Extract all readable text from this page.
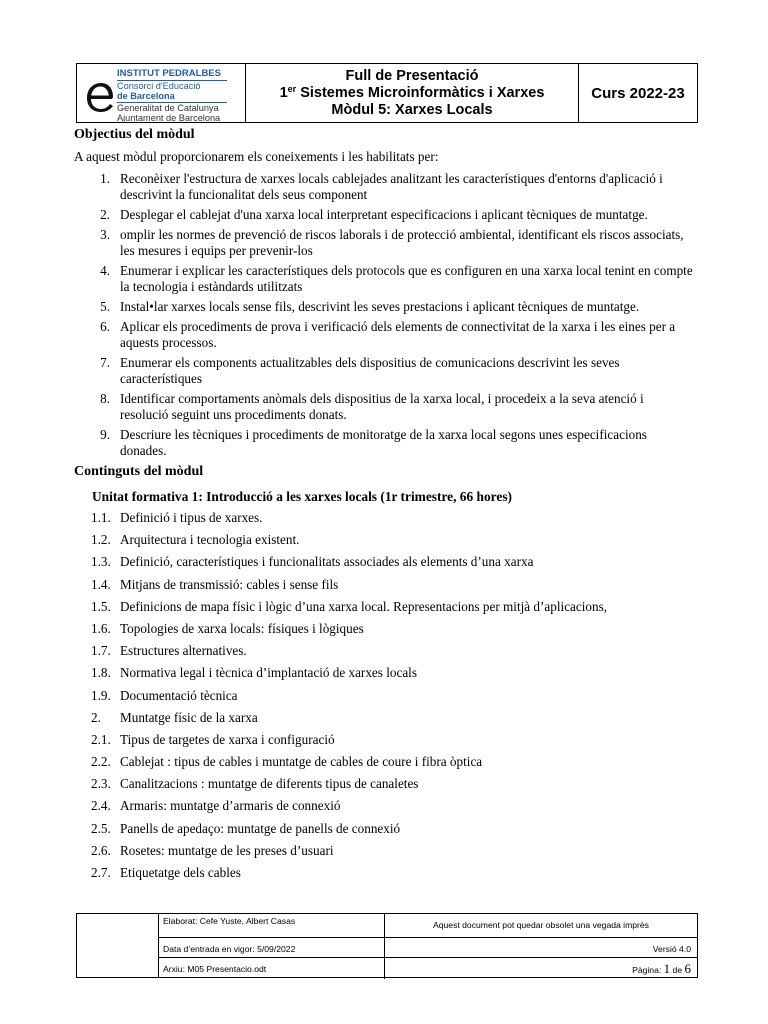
INSTITUT PEDRALBES
Consorci d'Educació
de Barcelona
Generalitat de Catalunya
Ajuntament de Barcelona
Full de Presentació
1er Sistemes Microinformàtics i Xarxes
Mòdul 5: Xarxes Locals
Curs 2022-23
Objectius del mòdul
A aquest mòdul proporcionarem els coneixements i les habilitats per:
1. Reconèixer l'estructura de xarxes locals cablejades analitzant les característiques d'entorns d'aplicació i descrivint la funcionalitat dels seus component
2. Desplegar el cablejat d'una xarxa local interpretant especificacions i aplicant tècniques de muntatge.
3. omplir les normes de prevenció de riscos laborals i de protecció ambiental, identificant els riscos associats, les mesures i equips per prevenir-los
4. Enumerar i explicar les característiques dels protocols que es configuren en una xarxa local tenint en compte la tecnologia i estàndards utilitzats
5. Instal•lar xarxes locals sense fils, descrivint les seves prestacions i aplicant tècniques de muntatge.
6. Aplicar els procediments de prova i verificació dels elements de connectivitat de la xarxa i les eines per a aquests processos.
7. Enumerar els components actualitzables dels dispositius de comunicacions descrivint les seves característiques
8. Identificar comportaments anòmals dels dispositius de la xarxa local, i procedeix a la seva atenció i resolució seguint uns procediments donats.
9. Descriure les tècniques i procediments de monitoratge de la xarxa local segons unes especificacions donades.
Continguts del mòdul
Unitat formativa 1: Introducció a les xarxes locals (1r trimestre, 66 hores)
1.1. Definició i tipus de xarxes.
1.2. Arquitectura i tecnologia existent.
1.3. Definició, característiques i funcionalitats associades als elements d’una xarxa
1.4. Mitjans de transmissió: cables i sense fils
1.5. Definicions de mapa físic i lògic d’una xarxa local. Representacions per mitjà d’aplicacions,
1.6. Topologies de xarxa locals: físiques i lògiques
1.7. Estructures alternatives.
1.8. Normativa legal i tècnica d’implantació de xarxes locals
1.9. Documentació tècnica
2.	Muntatge físic de la xarxa
2.1. Tipus de targetes de xarxa i configuració
2.2. Cablejat : tipus de cables i muntatge de cables de coure i fibra òptica
2.3. Canalitzacions : muntatge de diferents tipus de canaletes
2.4. Armaris: muntatge d’armaris de connexió
2.5. Panells de apedaço: muntatge de panells de connexió
2.6. Rosetes: muntatge de les preses d’usuari
2.7. Etiquetatge dels cables
Elaborat: Cefe Yuste, Albert Casas	Aquest document pot quedar obsolet una vegada imprès
Data d’entrada en vigor: 5/09/2022	Versió 4.0
Arxiu: M05 Presentacio.odt	Pàgina: 1 de 6
